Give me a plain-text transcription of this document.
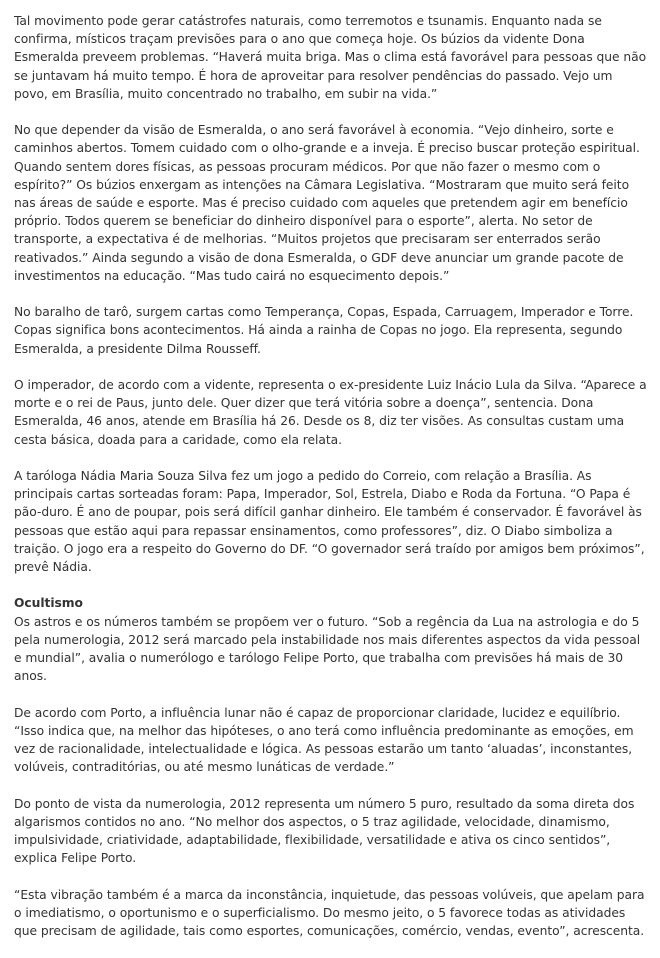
Tal movimento pode gerar catástrofes naturais, como terremotos e tsunamis. Enquanto nada se confirma, místicos traçam previsões para o ano que começa hoje. Os búzios da vidente Dona Esmeralda preveem problemas. “Haverá muita briga. Mas o clima está favorável para pessoas que não se juntavam há muito tempo. É hora de aproveitar para resolver pendências do passado. Vejo um povo, em Brasília, muito concentrado no trabalho, em subir na vida.”

No que depender da visão de Esmeralda, o ano será favorável à economia. “Vejo dinheiro, sorte e caminhos abertos. Tomem cuidado com o olho-grande e a inveja. É preciso buscar proteção espiritual. Quando sentem dores físicas, as pessoas procuram médicos. Por que não fazer o mesmo com o espírito?” Os búzios enxergam as intenções na Câmara Legislativa. “Mostraram que muito será feito nas áreas de saúde e esporte. Mas é preciso cuidado com aqueles que pretendem agir em benefício próprio. Todos querem se beneficiar do dinheiro disponível para o esporte”, alerta. No setor de transporte, a expectativa é de melhorias. “Muitos projetos que precisaram ser enterrados serão reativados.” Ainda segundo a visão de dona Esmeralda, o GDF deve anunciar um grande pacote de investimentos na educação. “Mas tudo cairá no esquecimento depois.”

No baralho de tarô, surgem cartas como Temperança, Copas, Espada, Carruagem, Imperador e Torre. Copas significa bons acontecimentos. Há ainda a rainha de Copas no jogo. Ela representa, segundo Esmeralda, a presidente Dilma Rousseff.

O imperador, de acordo com a vidente, representa o ex-presidente Luiz Inácio Lula da Silva. “Aparece a morte e o rei de Paus, junto dele. Quer dizer que terá vitória sobre a doença”, sentencia. Dona Esmeralda, 46 anos, atende em Brasília há 26. Desde os 8, diz ter visões. As consultas custam uma cesta básica, doada para a caridade, como ela relata.

A taróloga Nádia Maria Souza Silva fez um jogo a pedido do Correio, com relação a Brasília. As principais cartas sorteadas foram: Papa, Imperador, Sol, Estrela, Diabo e Roda da Fortuna. “O Papa é pão-duro. É ano de poupar, pois será difícil ganhar dinheiro. Ele também é conservador. É favorável às pessoas que estão aqui para repassar ensinamentos, como professores”, diz. O Diabo simboliza a traição. O jogo era a respeito do Governo do DF. “O governador será traído por amigos bem próximos”, prevê Nádia.

Ocultismo

Os astros e os números também se propõem ver o futuro. “Sob a regência da Lua na astrologia e do 5 pela numerologia, 2012 será marcado pela instabilidade nos mais diferentes aspectos da vida pessoal e mundial”, avalia o numerólogo e tarólogo Felipe Porto, que trabalha com previsões há mais de 30 anos.

De acordo com Porto, a influência lunar não é capaz de proporcionar claridade, lucidez e equilíbrio. “Isso indica que, na melhor das hipóteses, o ano terá como influência predominante as emoções, em vez de racionalidade, intelectualidade e lógica. As pessoas estarão um tanto ‘aluadas’, inconstantes, volúveis, contraditórias, ou até mesmo lunáticas de verdade.”

Do ponto de vista da numerologia, 2012 representa um número 5 puro, resultado da soma direta dos algarismos contidos no ano. “No melhor dos aspectos, o 5 traz agilidade, velocidade, dinamismo, impulsividade, criatividade, adaptabilidade, flexibilidade, versatilidade e ativa os cinco sentidos”, explica Felipe Porto.

“Esta vibração também é a marca da inconstância, inquietude, das pessoas volúveis, que apelam para o imediatismo, o oportunismo e o superficialismo. Do mesmo jeito, o 5 favorece todas as atividades que precisam de agilidade, tais como esportes, comunicações, comércio, vendas, evento”, acrescenta.
